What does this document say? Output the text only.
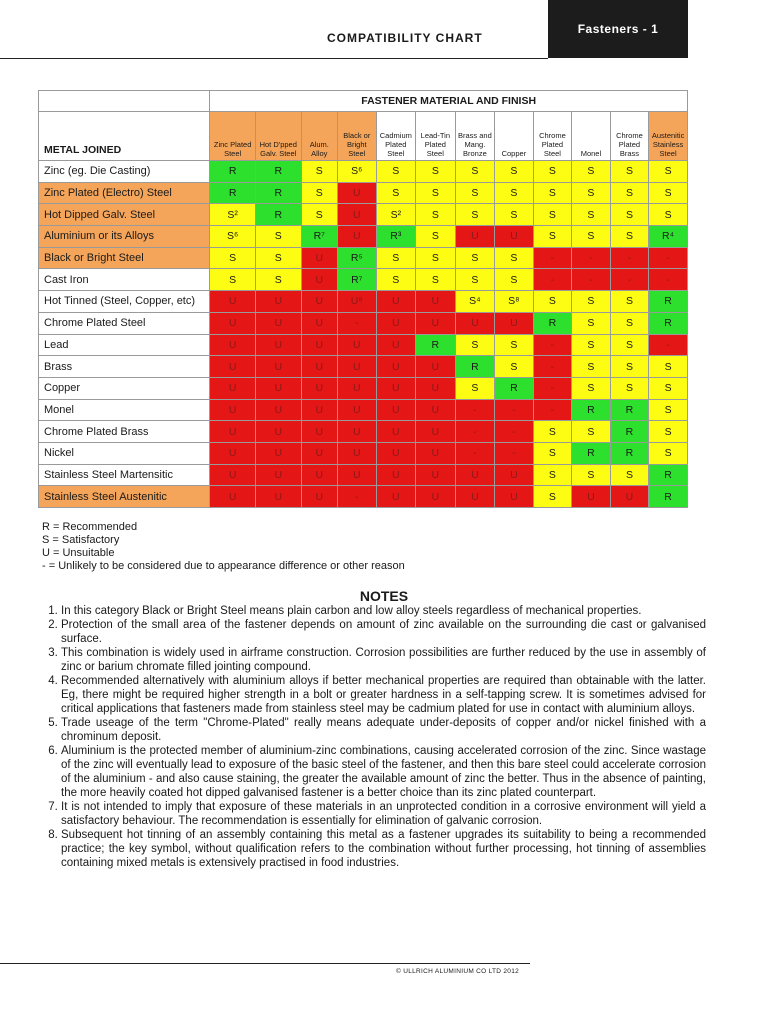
COMPATIBILITY CHART
Fasteners - 1
	FASTENER MATERIAL AND FINISH											
METAL JOINED	Zinc Plated Steel	Hot D'pped Galv. Steel	Alum. Alloy	Black or Bright Steel	Cadmium Plated Steel	Lead-Tin Plated Steel	Brass and Mang. Bronze	Copper	Chrome Plated Steel	Monel	Chrome Plated Brass	Austenitic Stainless Steel
Zinc (eg. Die Casting)	R	R	S	S⁶	S	S	S	S	S	S	S	S
Zinc Plated (Electro) Steel	R	R	S	U	S	S	S	S	S	S	S	S
Hot Dipped Galv. Steel	S²	R	S	U	S²	S	S	S	S	S	S	S
Aluminium or its Alloys	S⁶	S	R⁷	U	R³	S	U	U	S	S	S	R⁴
Black or Bright Steel	S	S	U	R⁵	S	S	S	S	-	-	-	-
Cast Iron	S	S	U	R⁷	S	S	S	S	-	-	-	-
Hot Tinned (Steel, Copper, etc)	U	U	U	U⁸	U	U	S⁴	S⁸	S	S	S	R
Chrome Plated Steel	U	U	U	-	U	U	U	U	R	S	S	R
Lead	U	U	U	U	U	R	S	S	-	S	S	-
Brass	U	U	U	U	U	U	R	S	-	S	S	S
Copper	U	U	U	U	U	U	S	R	-	S	S	S
Monel	U	U	U	U	U	U	-	-	-	R	R	S
Chrome Plated Brass	U	U	U	U	U	U	-	-	S	S	R	S
Nickel	U	U	U	U	U	U	-	-	S	R	R	S
Stainless Steel Martensitic	U	U	U	U	U	U	U	U	S	S	S	R
Stainless Steel Austenitic	U	U	U	-	U	U	U	U	S	U	U	R
R = Recommended
S = Satisfactory
U = Unsuitable
- = Unlikely to be considered due to appearance difference or other reason
NOTES
1. In this category Black or Bright Steel means plain carbon and low alloy steels regardless of mechanical properties.
2. Protection of the small area of the fastener depends on amount of zinc available on the surrounding die cast or galvanised surface.
3. This combination is widely used in airframe construction. Corrosion possibilities are further reduced by the use in assembly of zinc or barium chromate filled jointing compound.
4. Recommended alternatively with aluminium alloys if better mechanical properties are required than obtainable with the latter. Eg, there might be required higher strength in a bolt or greater hardness in a self-tapping screw. It is sometimes advised for critical applications that fasteners made from stainless steel may be cadmium plated for use in contact with aluminium alloys.
5. Trade useage of the term "Chrome-Plated" really means adequate under-deposits of copper and/or nickel finished with a chrominum deposit.
6. Aluminium is the protected member of aluminium-zinc combinations, causing accelerated corrosion of the zinc. Since wastage of the zinc will eventually lead to exposure of the basic steel of the fastener, and then this bare steel could accelerate corrosion of the aluminium - and also cause staining, the greater the available amount of zinc the better. Thus in the absence of painting, the more heavily coated hot dipped galvanised fastener is a better choice than its zinc plated counterpart.
7. It is not intended to imply that exposure of these materials in an unprotected condition in a corrosive environment will yield a satisfactory behaviour. The recommendation is essentially for elimination of galvanic corrosion.
8. Subsequent hot tinning of an assembly containing this metal as a fastener upgrades its suitability to being a recommended practice; the key symbol, without qualification refers to the combination without further processing, hot tinning of assemblies containing mixed metals is extensively practised in food industries.
© ULLRICH ALUMINIUM CO LTD 2012
